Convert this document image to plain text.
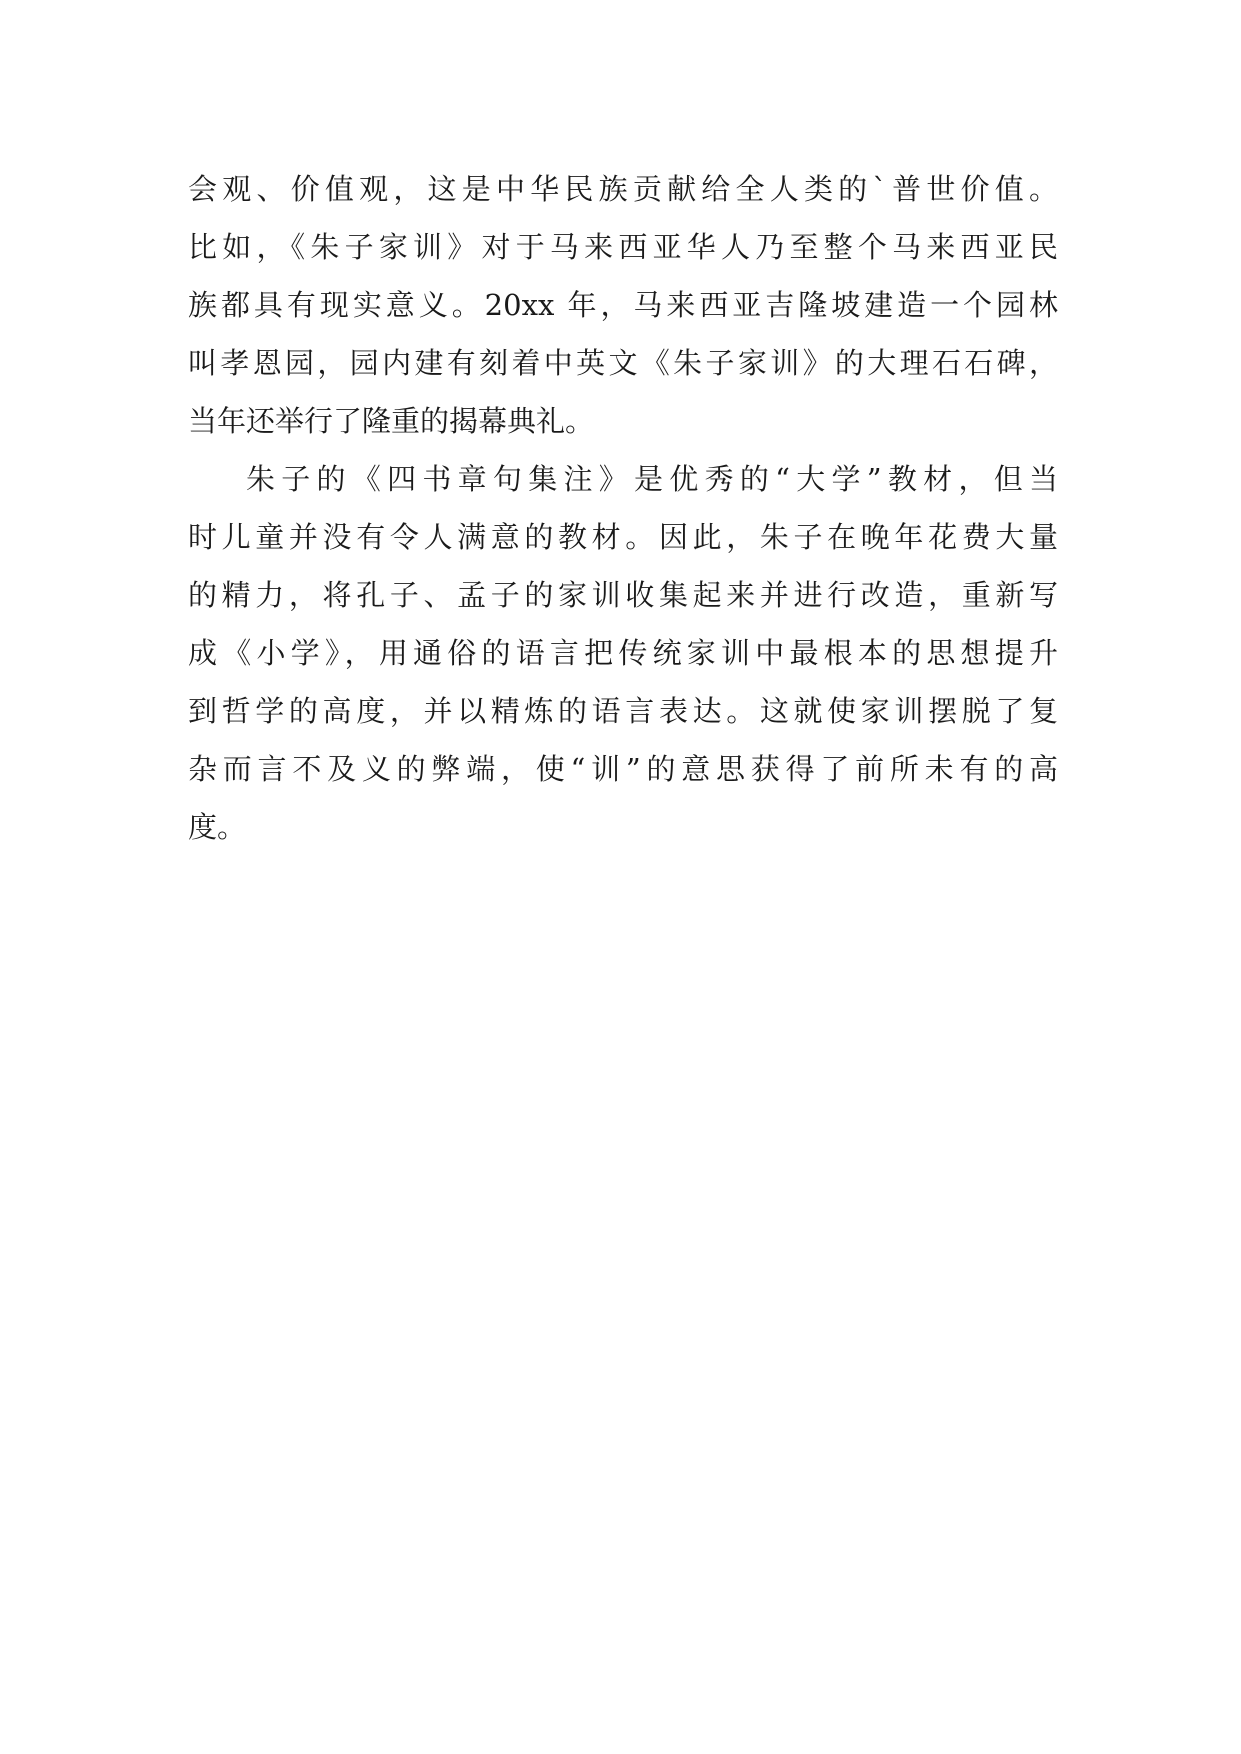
会观、价值观，这是中华民族贡献给全人类的`普世价值。
比如，《朱子家训》对于马来西亚华人乃至整个马来西亚民
族都具有现实意义。20xx 年，马来西亚吉隆坡建造一个园林
叫孝恩园，园内建有刻着中英文《朱子家训》的大理石石碑，
当年还举行了隆重的揭幕典礼。
朱子的《四书章句集注》是优秀的“大学”教材，但当
时儿童并没有令人满意的教材。因此，朱子在晚年花费大量
的精力，将孔子、孟子的家训收集起来并进行改造，重新写
成《小学》，用通俗的语言把传统家训中最根本的思想提升
到哲学的高度，并以精炼的语言表达。这就使家训摆脱了复
杂而言不及义的弊端，使“训”的意思获得了前所未有的高
度。
